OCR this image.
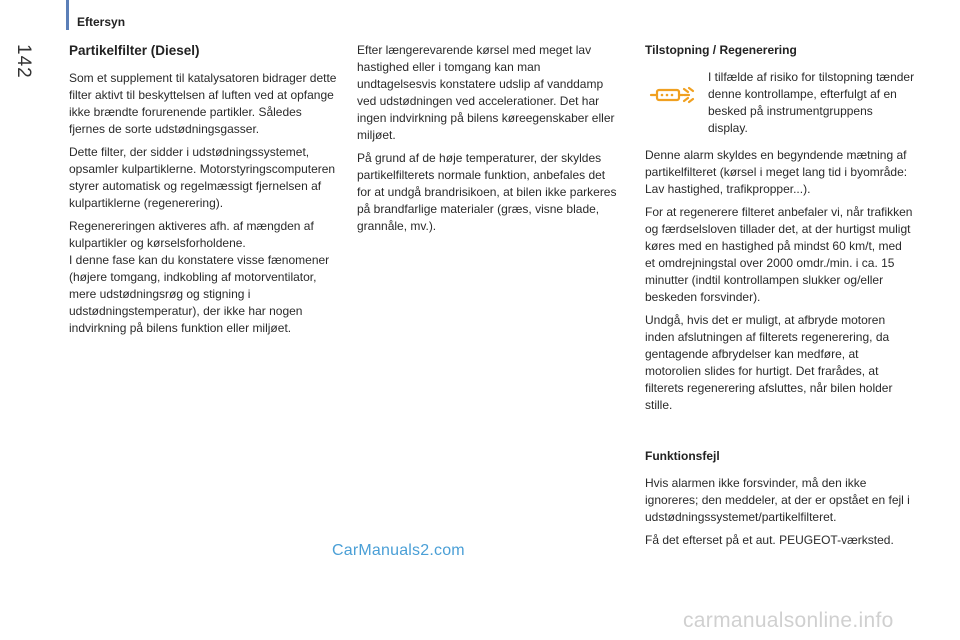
142
Eftersyn
Partikelfilter (Diesel)

Som et supplement til katalysatoren bidrager dette filter aktivt til beskyttelsen af luften ved at opfange ikke brændte forurenende partikler. Således fjernes de sorte udstødningsgasser.

Dette filter, der sidder i udstødningssystemet, opsamler kulpartiklerne. Motorstyringscomputeren styrer automatisk og regelmæssigt fjernelsen af kulpartiklerne (regenerering).

Regenereringen aktiveres afh. af mængden af kulpartikler og kørselsforholdene.
I denne fase kan du konstatere visse fænomener (højere tomgang, indkobling af motorventilator, mere udstødningsrøg og stigning i udstødningstemperatur), der ikke har nogen indvirkning på bilens funktion eller miljøet.

Efter længerevarende kørsel med meget lav hastighed eller i tomgang kan man undtagelsesvis konstatere udslip af vanddamp ved udstødningen ved accelerationer. Det har ingen indvirkning på bilens køreegenskaber eller miljøet.

På grund af de høje temperaturer, der skyldes partikelfilterets normale funktion, anbefales det for at undgå brandrisikoen, at bilen ikke parkeres på brandfarlige materialer (græs, visne blade, grannåle, mv.).

Tilstopning / Regenerering
I tilfælde af risiko for tilstopning tænder denne kontrollampe, efterfulgt af en besked på instrumentgruppens display.

Denne alarm skyldes en begyndende mætning af partikelfilteret (kørsel i meget lang tid i byområde: Lav hastighed, trafikpropper...).

For at regenerere filteret anbefaler vi, når trafikken og færdselsloven tillader det, at der hurtigst muligt køres med en hastighed på mindst 60 km/t, med et omdrejningstal over 2000 omdr./min. i ca. 15 minutter (indtil kontrollampen slukker og/eller beskeden forsvinder).

Undgå, hvis det er muligt, at afbryde motoren inden afslutningen af filterets regenerering, da gentagende afbrydelser kan medføre, at motorolien slides for hurtigt. Det frarådes, at filterets regenerering afsluttes, når bilen holder stille.

Funktionsfejl

Hvis alarmen ikke forsvinder, må den ikke ignoreres; den meddeler, at der er opstået en fejl i udstødningssystemet/partikelfilteret.

Få det efterset på et aut. PEUGEOT-værksted.

CarManuals2.com
carmanualsonline.info
